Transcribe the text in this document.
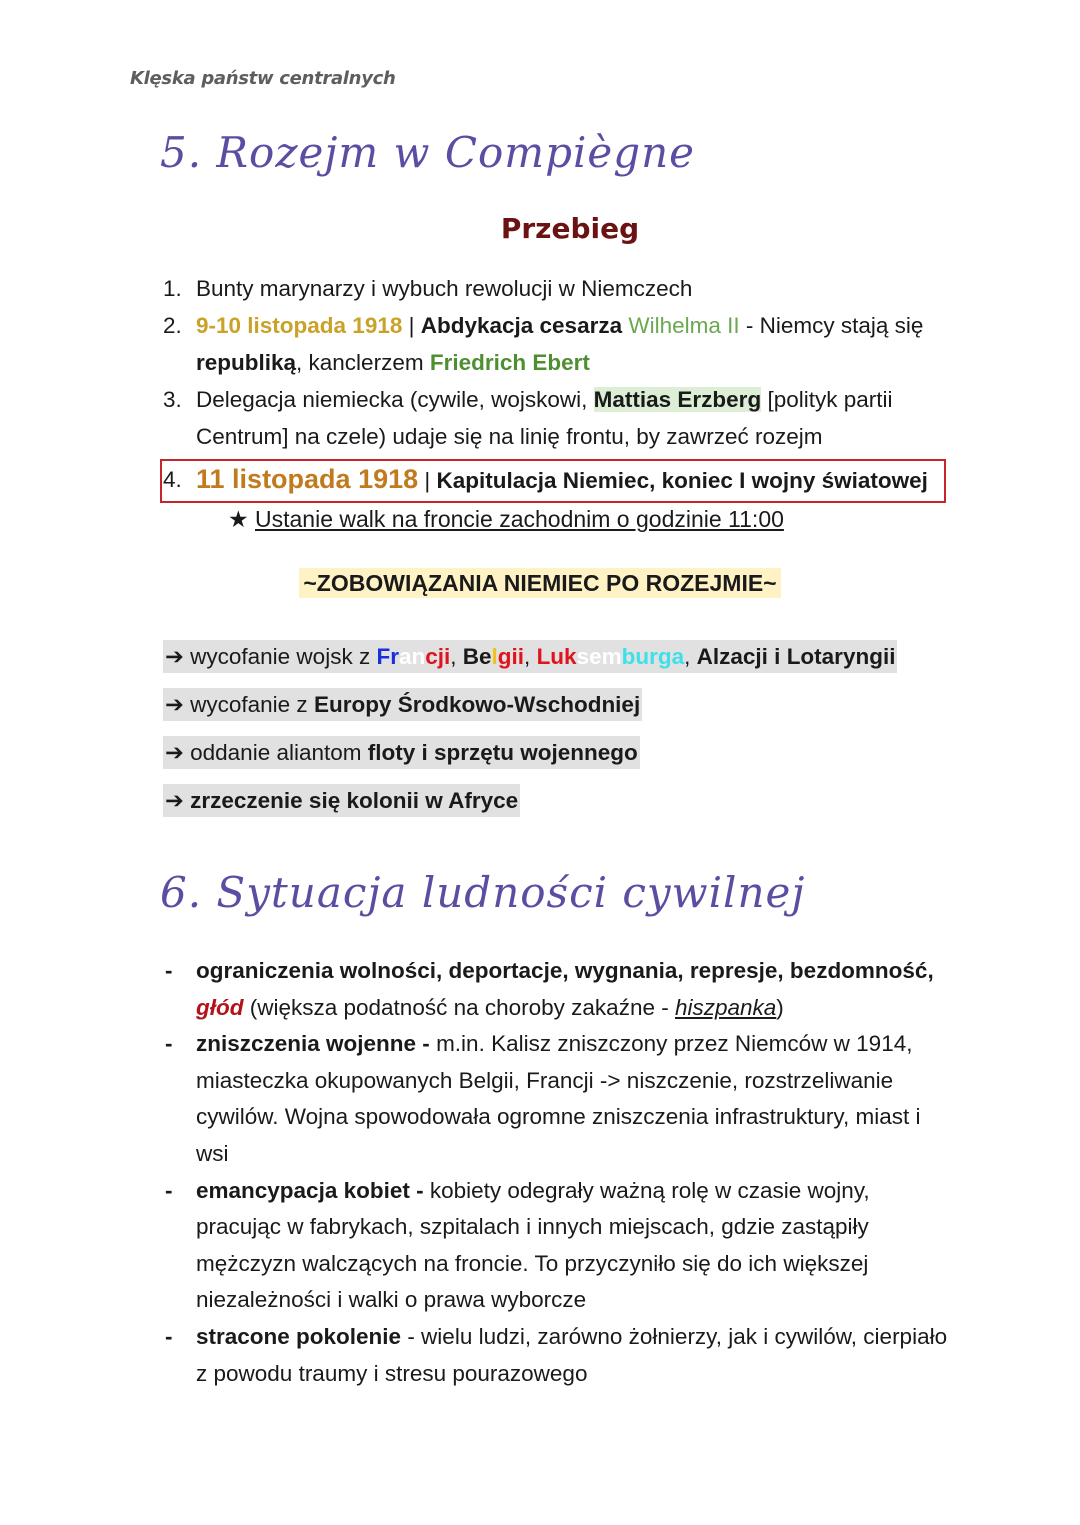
Klęska państw centralnych
5. Rozejm w Compiègne
Przebieg
1. Bunty marynarzy i wybuch rewolucji w Niemczech
2. 9-10 listopada 1918 | Abdykacja cesarza Wilhelma II - Niemcy stają się republiką, kanclerzem Friedrich Ebert
3. Delegacja niemiecka (cywile, wojskowi, Mattias Erzberg [polityk partii Centrum] na czele) udaje się na linię frontu, by zawrzeć rozejm
4. 11 listopada 1918 | Kapitulacja Niemiec, koniec I wojny światowej
★ Ustanie walk na froncie zachodnim o godzinie 11:00
~ZOBOWIĄZANIA NIEMIEC PO ROZEJMIE~
➔ wycofanie wojsk z Francji, Belgii, Luksemburga, Alzacji i Lotaryngii
➔ wycofanie z Europy Środkowo-Wschodniej
➔ oddanie aliantom floty i sprzętu wojennego
➔ zrzeczenie się kolonii w Afryce
6. Sytuacja ludności cywilnej
- ograniczenia wolności, deportacje, wygnania, represje, bezdomność, głód (większa podatność na choroby zakaźne - hiszpanka)
- zniszczenia wojenne - m.in. Kalisz zniszczony przez Niemców w 1914, miasteczka okupowanych Belgii, Francji -> niszczenie, rozstrzeliwanie cywilów. Wojna spowodowała ogromne zniszczenia infrastruktury, miast i wsi
- emancypacja kobiet - kobiety odegrały ważną rolę w czasie wojny, pracując w fabrykach, szpitalach i innych miejscach, gdzie zastąpiły mężczyzn walczących na froncie. To przyczyniło się do ich większej niezależności i walki o prawa wyborcze
- stracone pokolenie - wielu ludzi, zarówno żołnierzy, jak i cywilów, cierpiało z powodu traumy i stresu pourazowego
